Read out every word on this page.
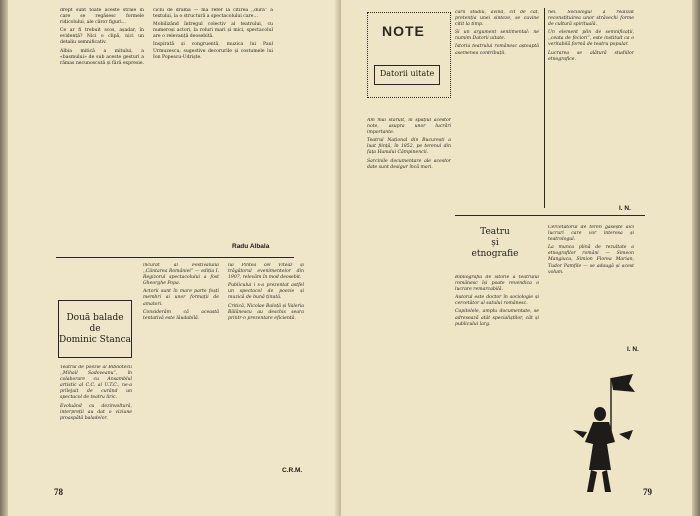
drept sunt toate aceste straie în care se regăsesc formele ridicolului, ale căror figuri...

Ce ar fi trebuit scos, așadar, în evidență? Nici o clipă, nici un detaliu semnificativ.

Albia mitică a mitului, a «basmului» de sub aceste gesturi a rămas necunoscută și fără expresie.

ciclu de dramă — mă refer la citirea ,,dură” a textului, la o structură a spectacolului care...

Mobilizând întregul colectiv al teatrului, cu numeroși actori, la roluri mari și mici, spectacolul are o relevanță deosebită.

Inspirată și congruentă, muzica lui Paul Urmuzescu; sugestive decorurile și costumele lui Ion Popescu-Udriște.

Radu Albala
Două balade
de
Dominic Stanca

Teatrul de poezie al Bibliotecii ,,Mihail Sadoveanu”, în colaborare cu Ansamblul artistic al C.C. al U.T.C., ne-a prilejuit de curând un spectacol de teatru liric.

Evoluând cu dezinvoltură, interpreții au dat o viziune proaspătă baladelor.

încurat al Festivalului ,,Cântarea României” — ediția I. Regizorul spectacolului a fost Gheorghe Popa.

Actorii sunt în mare parte foști membri ai unor formații de amatori.

Considerăm că această tentativă este lăudabilă.

lui Pintea cel Viteaz și trăgătorul evenimentelor din 1907, relevăm în mod deosebit.

Publicului i s-a prezentat astfel un spectacol de poezie și muzică de bună ținută.

Critică, Nicolae Baloță și Valeria Bălănescu au deschis seara printr-o prezentare eficientă.

C.R.M.
78
NOTE
Datorii uitate

Am mai stăruit, în spațiul acestor note, asupra unor lucrări importante.

Teatrul Național din București a luat ființă, în 1852, pe terenul din fața Hanului Câmpinencii.

Sarcinile documentare ale acestor date sunt desigur încă mari.

cării studiu, avînd, cit de cât, pretenția unei sinteze, se cuvine citit la timp.

Și un argument sentimental: ne numim Datorii uitate.

Istoria teatrului românesc așteaptă asemenea contribuții.

nei. Sociologul a realizat reconstituirea unor străvechi forme de cultură spirituală.

Un element plin de semnificații, ,,ceata de feciori”, este instituit ca o veritabilă formă de teatru popular.

Lucrarea se alătură studiilor etnografice.

I. N.
Teatru
și
etnografie

Bibliografia de istorie a teatrului românesc își poate revendica o lucrare remarcabilă.

Autorul este doctor în sociologie și cercetător al satului românesc.

Capitolele, amplu documentate, se adresează atât specialiștilor, cât și publicului larg.

Cercetătorul de teren găsește aici lucruri care vor interesa și teatrologul.

La munca plină de rezultate a etnografilor români — Simeon Mangiuca, Simion Florea Marian, Tudor Pamfile — se adaugă și acest volum.

I. N.
79
